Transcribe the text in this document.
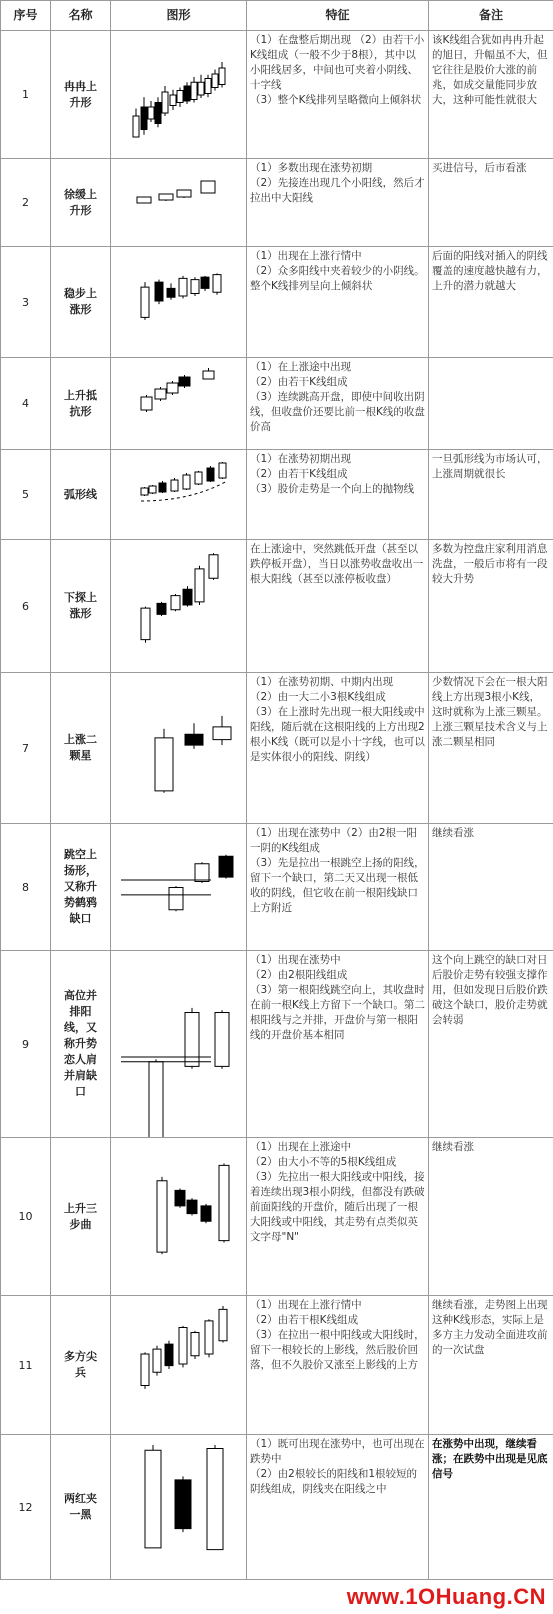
序号	名称	图形	特征	备注
1	冉冉上升形		（1）在盘整后期出现 （2）由若干小K线组成（一般不少于8根），其中以小阳线居多，中间也可夹着小阴线、十字线
（3）整个K线排列呈略微向上倾斜状	该K线组合犹如冉冉升起的旭日，升幅虽不大，但它往往是股价大涨的前兆，如成交量能同步放大，这种可能性就很大

2	徐缓上升形		（1）多数出现在涨势初期
（2）先接连出现几个小阳线，然后才拉出中大阳线	买进信号，后市看涨

3	稳步上涨形		（1）出现在上涨行情中
（2）众多阳线中夹着较少的小阴线。整个K线排列呈向上倾斜状	后面的阳线对插入的阴线覆盖的速度越快越有力，上升的潜力就越大

4	上升抵抗形		（1）在上涨途中出现
（2）由若干K线组成
（3）连续跳高开盘，即使中间收出阴线，但收盘价还要比前一根K线的收盘价高	

5	弧形线		（1）在涨势初期出现
（2）由若干K线组成
（3）股价走势是一个向上的抛物线	一旦弧形线为市场认可，上涨周期就很长

6	下探上涨形		在上涨途中，突然跳低开盘（甚至以跌停板开盘），当日以涨势收盘收出一根大阳线（甚至以涨停板收盘）	多数为控盘庄家利用消息洗盘，一般后市将有一段较大升势

7	上涨二颗星		（1）在涨势初期、中期内出现
（2）由一大二小3根K线组成
（3）在上涨时先出现一根大阳线或中阳线，随后就在这根阳线的上方出现2根小K线（既可以是小十字线，也可以是实体很小的阳线、阴线）	少数情况下会在一根大阳线上方出现3根小K线，这时就称为上涨三颗星。上涨三颗星技术含义与上涨二颗星相同

8	跳空上扬形，又称升势鹤鸦缺口		（1）出现在涨势中（2）由2根一阳一阴的K线组成
（3）先是拉出一根跳空上扬的阳线，留下一个缺口，第二天又出现一根低收的阴线，但它收在前一根阳线缺口上方附近	继续看涨

9	高位并排阳线，又称升势恋人肩并肩缺口		（1）出现在涨势中
（2）由2根阳线组成
（3）第一根阳线跳空向上，其收盘时在前一根K线上方留下一个缺口。第二根阳线与之并排，开盘价与第一根阳线的开盘价基本相同	这个向上跳空的缺口对日后股价走势有较强支撑作用，但如发现日后股价跌破这个缺口，股价走势就会转弱

10	上升三步曲		（1）出现在上涨途中
（2）由大小不等的5根K线组成
（3）先拉出一根大阳线或中阳线，接着连续出现3根小阴线，但都没有跌破前面阳线的开盘价，随后出现了一根大阳线或中阳线，其走势有点类似英文字母"N"	继续看涨

11	多方尖兵		（1）出现在上涨行情中
（2）由若干根K线组成
（3）在拉出一根中阳线或大阳线时，留下一根较长的上影线，然后股价回落，但不久股价又涨至上影线的上方	继续看涨，走势图上出现这种K线形态，实际上是多方主力发动全面进攻前的一次试盘

12	两红夹一黑		（1）既可出现在涨势中，也可出现在跌势中
（2）由2根较长的阳线和1根较短的阴线组成，阴线夹在阳线之中	在涨势中出现，继续看涨；在跌势中出现是见底信号
www.1OHuang.CN
